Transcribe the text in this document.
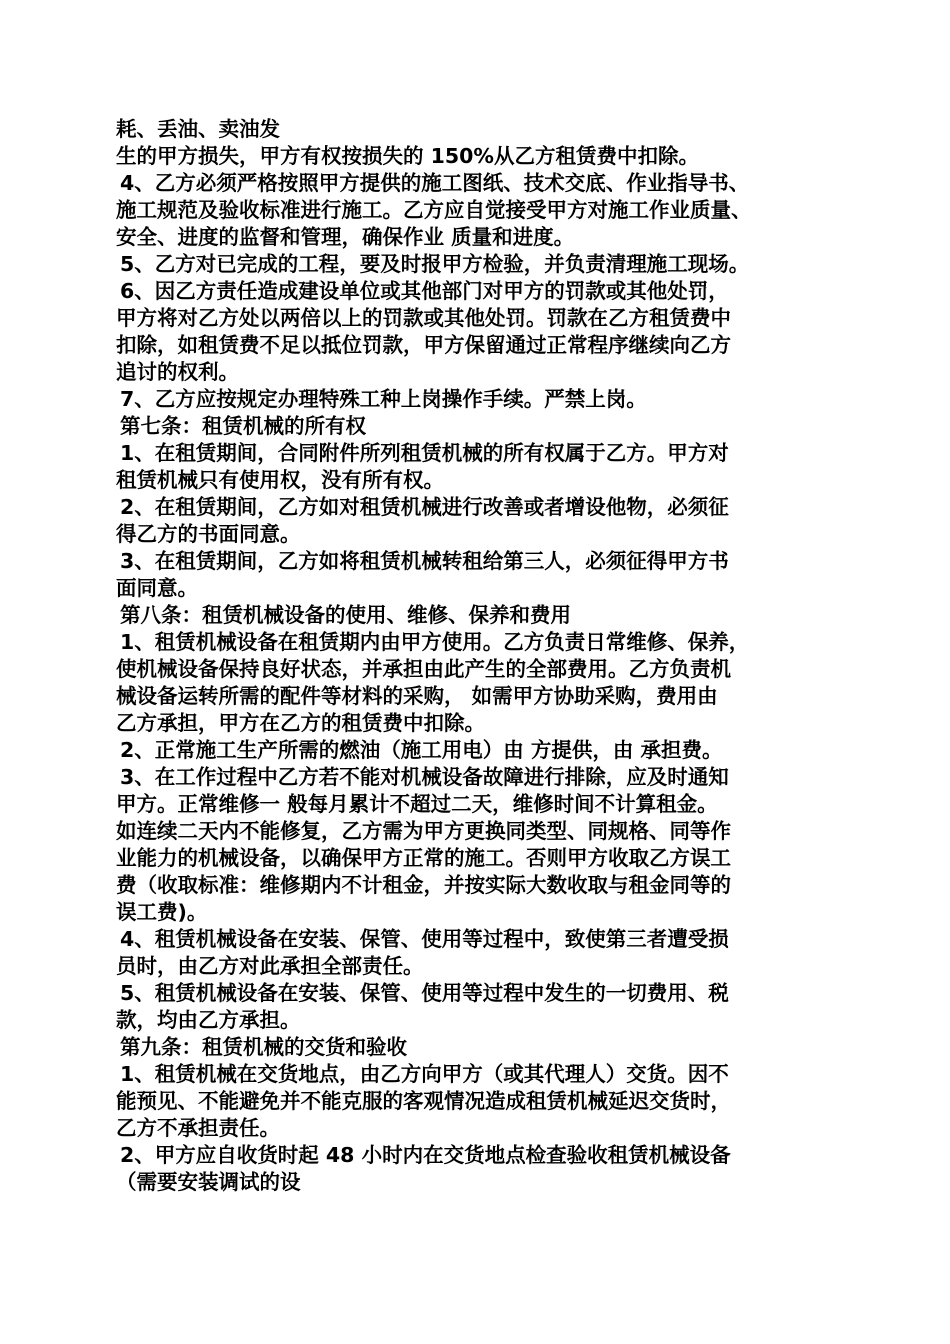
耗、丢油、卖油发
生的甲方损失，甲方有权按损失的 150%从乙方租赁费中扣除。
4、乙方必须严格按照甲方提供的施工图纸、技术交底、作业指导书、
施工规范及验收标准进行施工。乙方应自觉接受甲方对施工作业质量、
安全、进度的监督和管理，确保作业 质量和进度。
5、乙方对已完成的工程，要及时报甲方检验，并负责清理施工现场。
6、因乙方责任造成建设单位或其他部门对甲方的罚款或其他处罚，
甲方将对乙方处以两倍以上的罚款或其他处罚。罚款在乙方租赁费中
扣除，如租赁费不足以抵位罚款，甲方保留通过正常程序继续向乙方
追讨的权利。
7、乙方应按规定办理特殊工种上岗操作手续。严禁上岗。
第七条：租赁机械的所有权
1、在租赁期间，合同附件所列租赁机械的所有权属于乙方。甲方对
租赁机械只有使用权，没有所有权。
2、在租赁期间，乙方如对租赁机械进行改善或者增设他物，必须征
得乙方的书面同意。
3、在租赁期间，乙方如将租赁机械转租给第三人，必须征得甲方书
面同意。
第八条：租赁机械设备的使用、维修、保养和费用
1、租赁机械设备在租赁期内由甲方使用。乙方负责日常维修、保养，
使机械设备保持良好状态，并承担由此产生的全部费用。乙方负责机
械设备运转所需的配件等材料的采购， 如需甲方协助采购，费用由
乙方承担，甲方在乙方的租赁费中扣除。
2、正常施工生产所需的燃油（施工用电）由 方提供，由 承担费。
3、在工作过程中乙方若不能对机械设备故障进行排除，应及时通知
甲方。正常维修一 般每月累计不超过二天，维修时间不计算租金。
如连续二天内不能修复，乙方需为甲方更换同类型、同规格、同等作
业能力的机械设备，以确保甲方正常的施工。否则甲方收取乙方误工
费（收取标准：维修期内不计租金，并按实际大数收取与租金同等的
误工费)。
4、租赁机械设备在安装、保管、使用等过程中，致使第三者遭受损
员时，由乙方对此承担全部责任。
5、租赁机械设备在安装、保管、使用等过程中发生的一切费用、税
款，均由乙方承担。
第九条：租赁机械的交货和验收
1、租赁机械在交货地点，由乙方向甲方（或其代理人）交货。因不
能预见、不能避免并不能克服的客观情况造成租赁机械延迟交货时，
乙方不承担责任。
2、甲方应自收货时起 48 小时内在交货地点检查验收租赁机械设备
（需要安装调试的设
